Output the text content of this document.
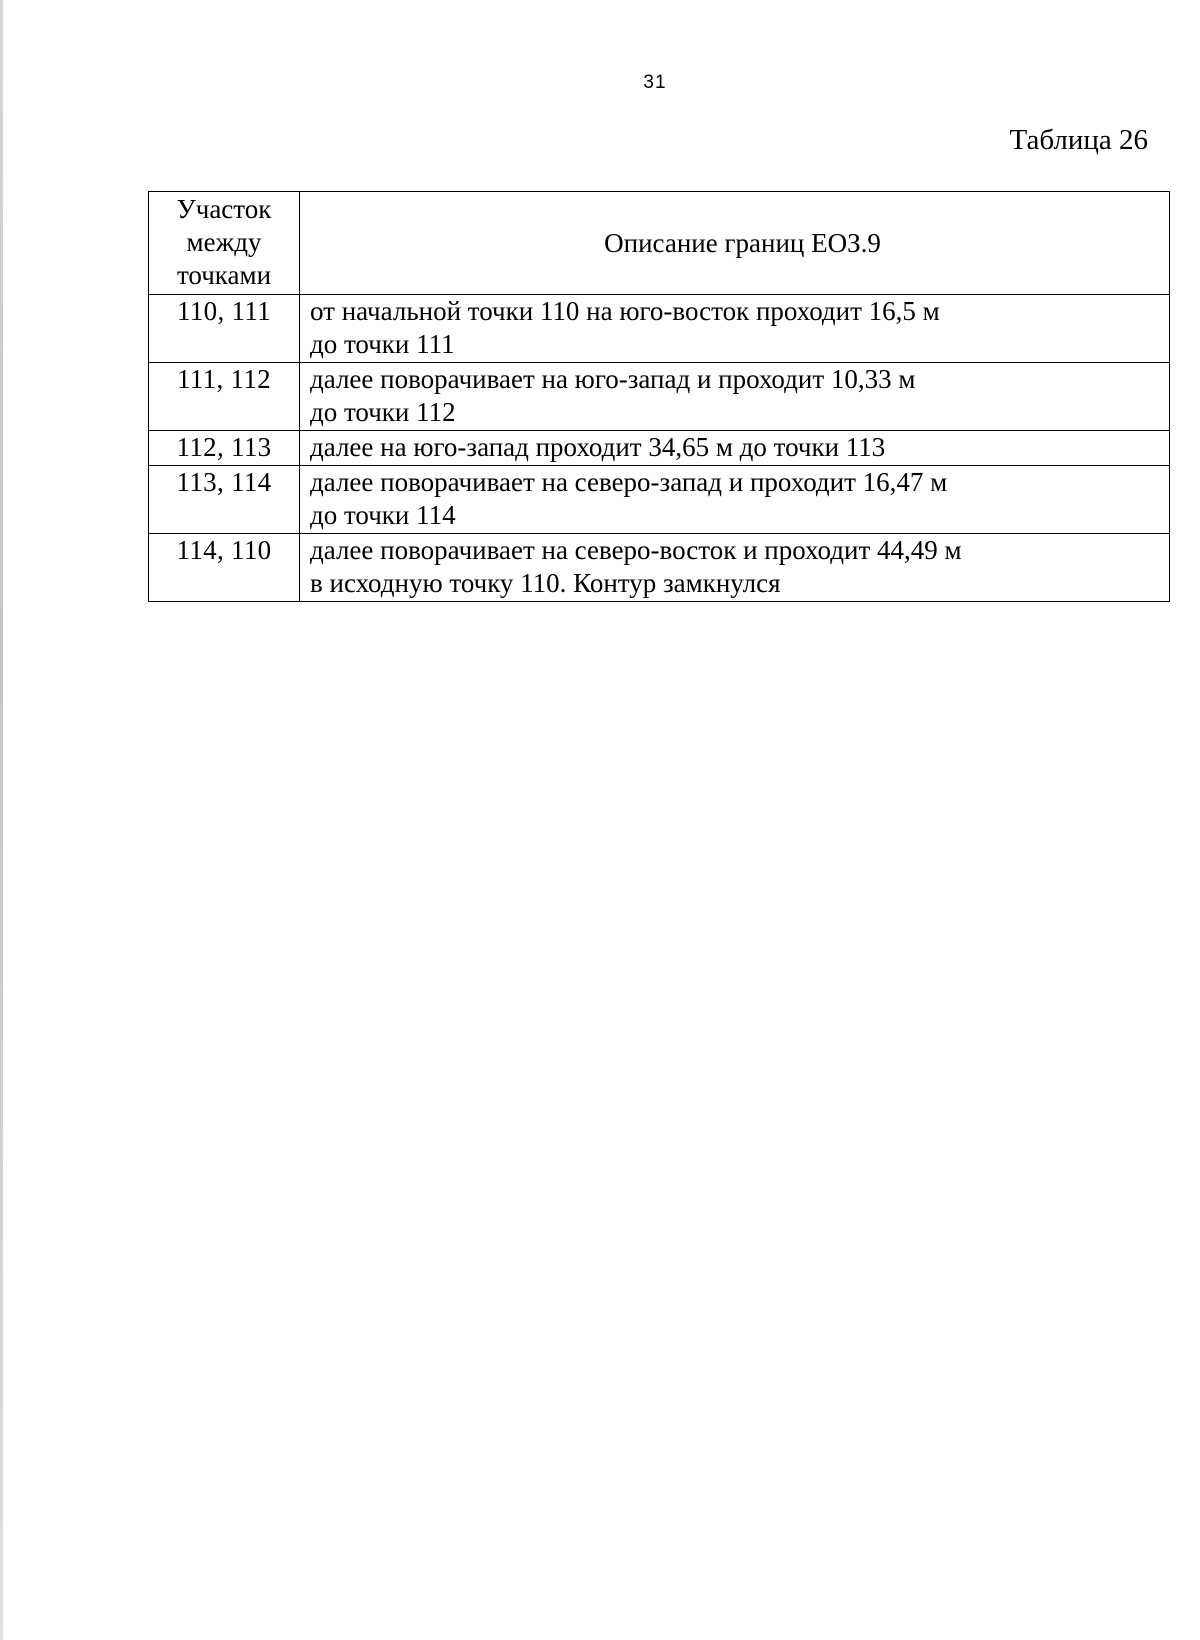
31
Таблица 26
Участок
между
точками	Описание границ ЕОЗ.9
110, 111	от начальной точки 110 на юго-восток проходит 16,5 м
до точки 111

111, 112	далее поворачивает на юго-запад и проходит 10,33 м
до точки 112

112, 113	далее на юго-запад проходит 34,65 м до точки 113

113, 114	далее поворачивает на северо-запад и проходит 16,47 м
до точки 114

114, 110	далее поворачивает на северо-восток и проходит 44,49 м
в исходную точку 110. Контур замкнулся
